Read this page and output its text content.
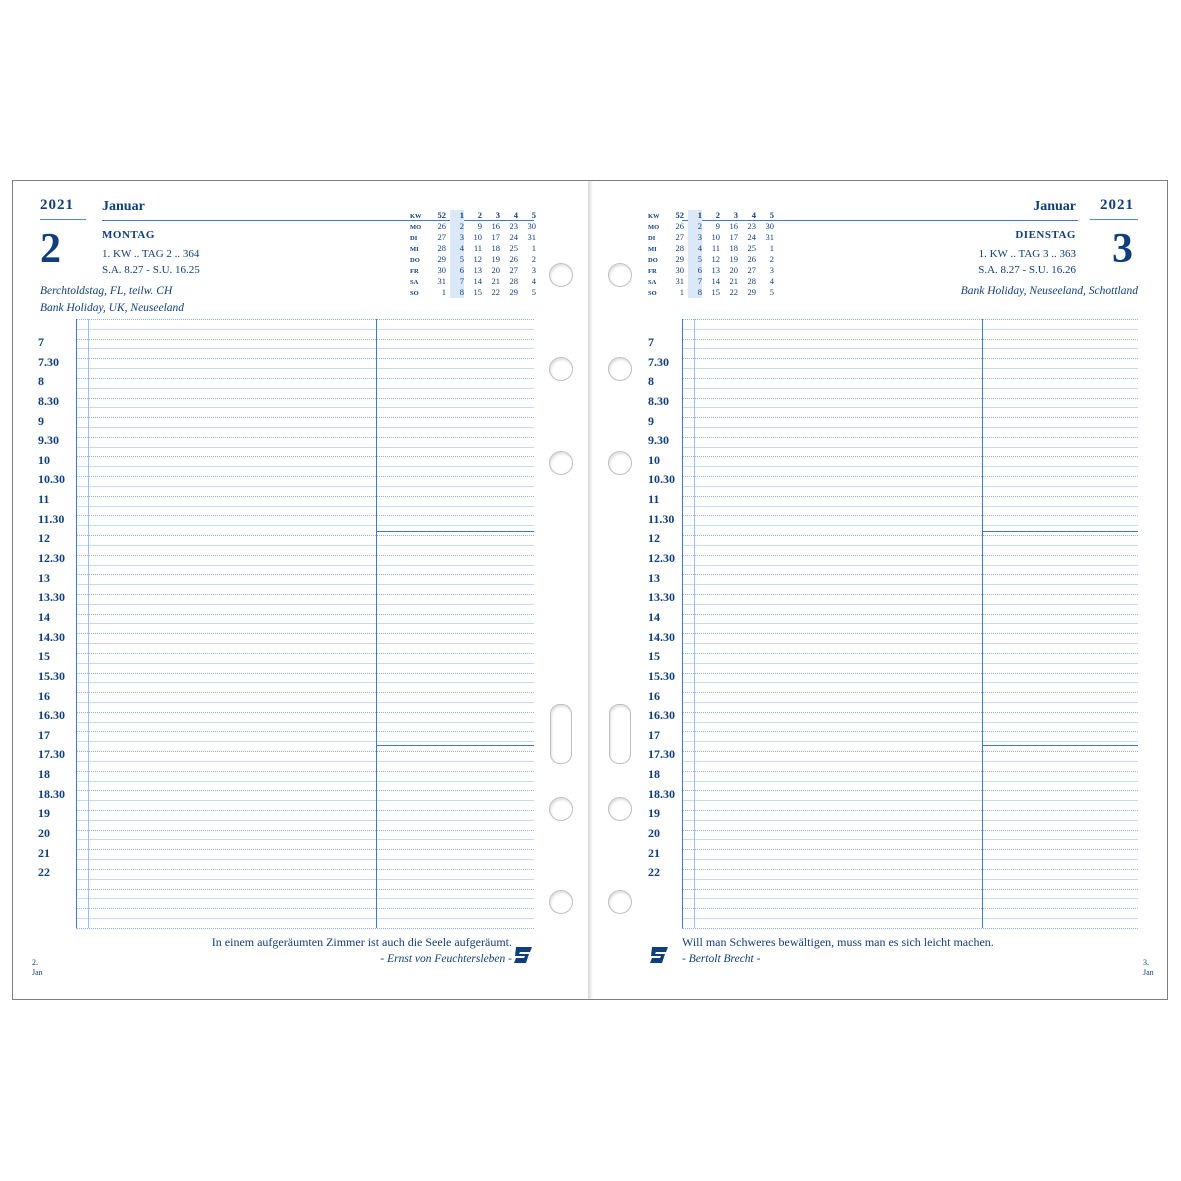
2021 Januar
2	MONTAG
1. KW .. TAG 2 .. 364
S.A. 8.27 - S.U. 16.25
Berchtoldstag, FL, teilw. CH
Bank Holiday, UK, Neuseeland
KW	52	1	2	3	4	5
MO	26	2	9	16	23	30
DI	27	3	10	17	24	31
MI	28	4	11	18	25	1
DO	29	5	12	19	26	2
FR	30	6	13	20	27	3
SA	31	7	14	21	28	4
SO	1	8	15	22	29	5
In einem aufgeräumten Zimmer ist auch die Seele aufgeräumt.
- Ernst von Feuchtersleben -
2.
Jan
7
7.30
8
8.30
9
9.30
10
10.30
11
11.30
12
12.30
13
13.30
14
14.30
15
15.30
16
16.30
17
17.30
18
18.30
19
20
21
22
2021
Januar
3
DIENSTAG
1. KW .. TAG 3 .. 363
S.A. 8.27 - S.U. 16.26
Bank Holiday, Neuseeland, Schottland
KW	52	1	2	3	4	5
MO	26	2	9	16	23	30
DI	27	3	10	17	24	31
MI	28	4	11	18	25	1
DO	29	5	12	19	26	2
FR	30	6	13	20	27	3
SA	31	7	14	21	28	4
SO	1	8	15	22	29	5
Will man Schweres bewältigen, muss man es sich leicht machen.
- Bertolt Brecht -	3.
Jan
7
7.30
8
8.30
9
9.30
10
10.30
11
11.30
12
12.30
13
13.30
14
14.30
15
15.30
16
16.30
17
17.30
18
18.30
19
20
21
22
